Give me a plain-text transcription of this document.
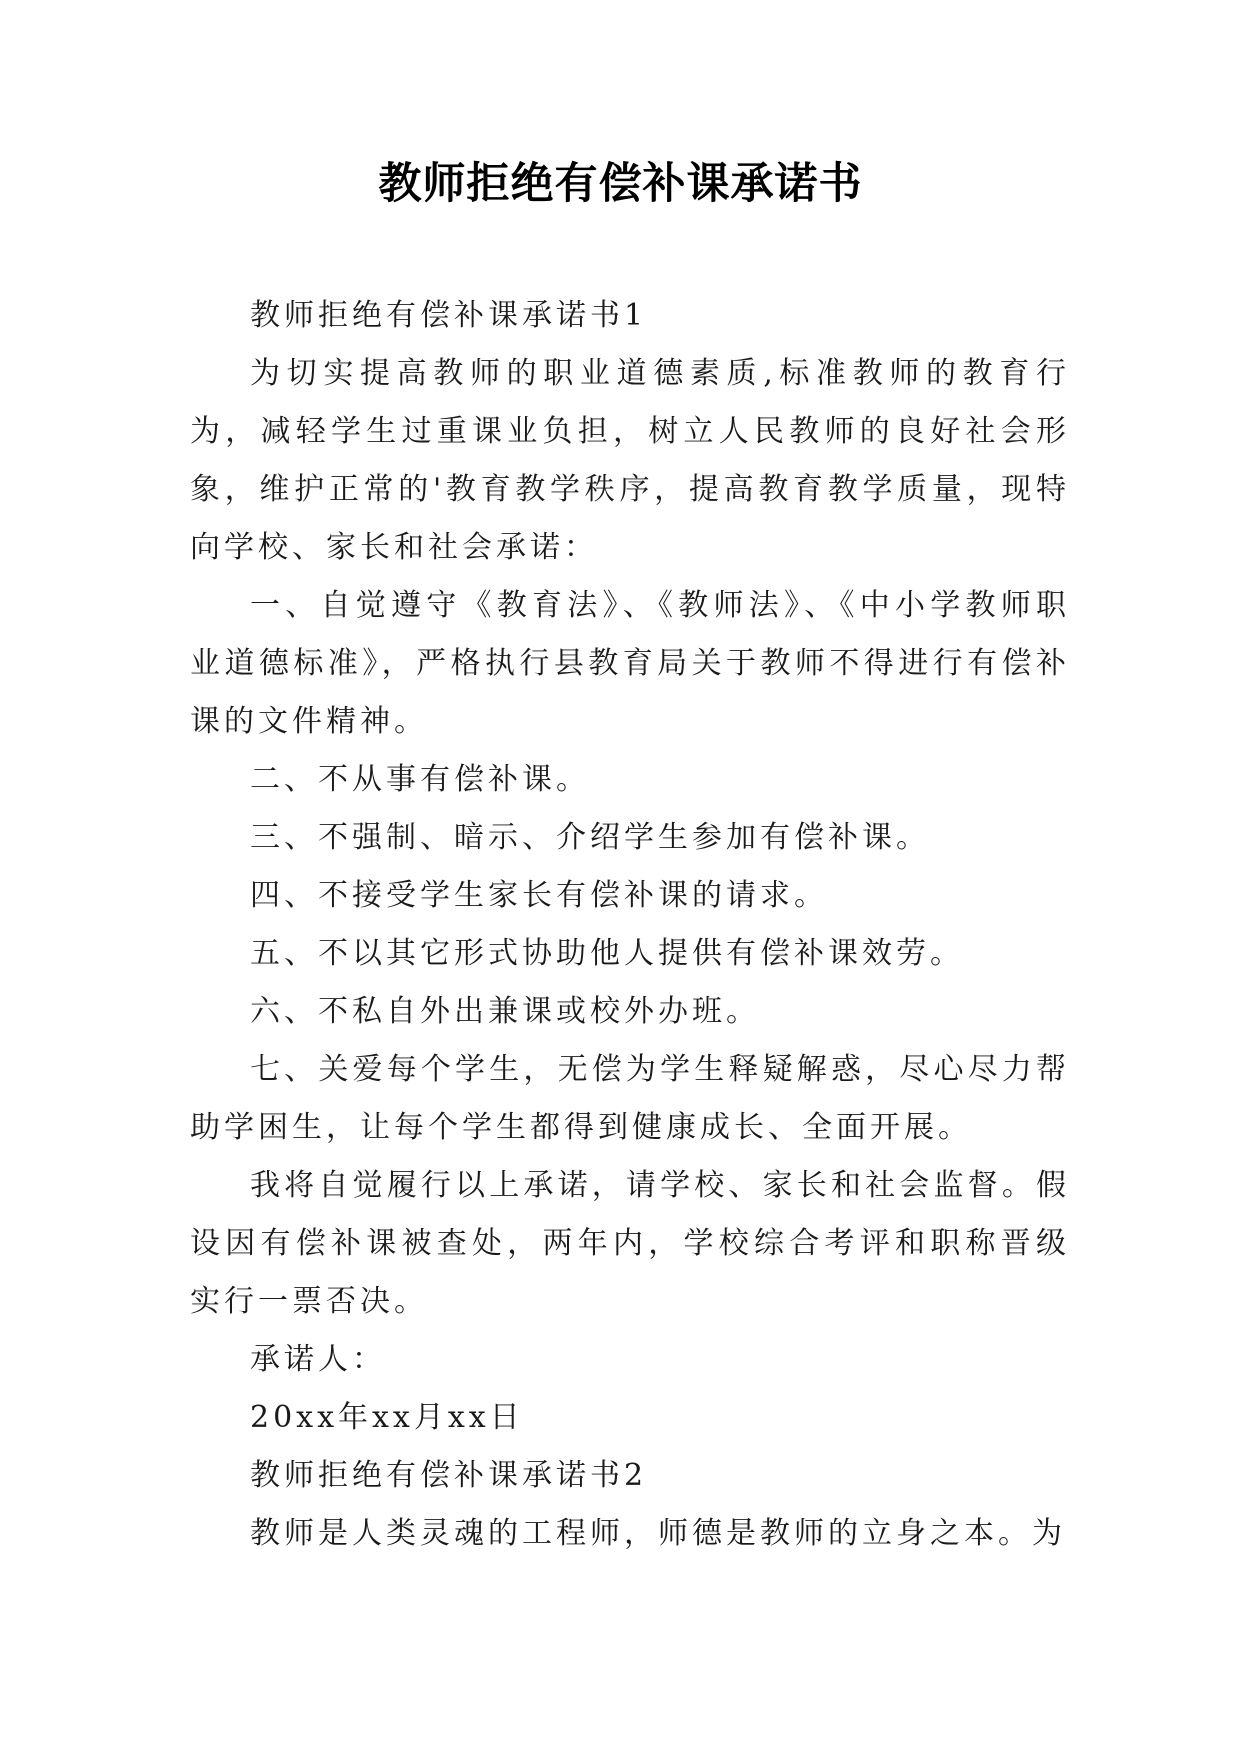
教师拒绝有偿补课承诺书

教师拒绝有偿补课承诺书1

为切实提高教师的职业道德素质,标准教师的教育行为，减轻学生过重课业负担，树立人民教师的良好社会形象，维护正常的'教育教学秩序，提高教育教学质量，现特向学校、家长和社会承诺：

一、自觉遵守《教育法》、《教师法》、《中小学教师职业道德标准》，严格执行县教育局关于教师不得进行有偿补课的文件精神。

二、不从事有偿补课。

三、不强制、暗示、介绍学生参加有偿补课。

四、不接受学生家长有偿补课的请求。

五、不以其它形式协助他人提供有偿补课效劳。

六、不私自外出兼课或校外办班。

七、关爱每个学生，无偿为学生释疑解惑，尽心尽力帮助学困生，让每个学生都得到健康成长、全面开展。

我将自觉履行以上承诺，请学校、家长和社会监督。假设因有偿补课被查处，两年内，学校综合考评和职称晋级实行一票否决。

承诺人：

20xx年xx月xx日

教师拒绝有偿补课承诺书2

教师是人类灵魂的工程师，师德是教师的立身之本。为
